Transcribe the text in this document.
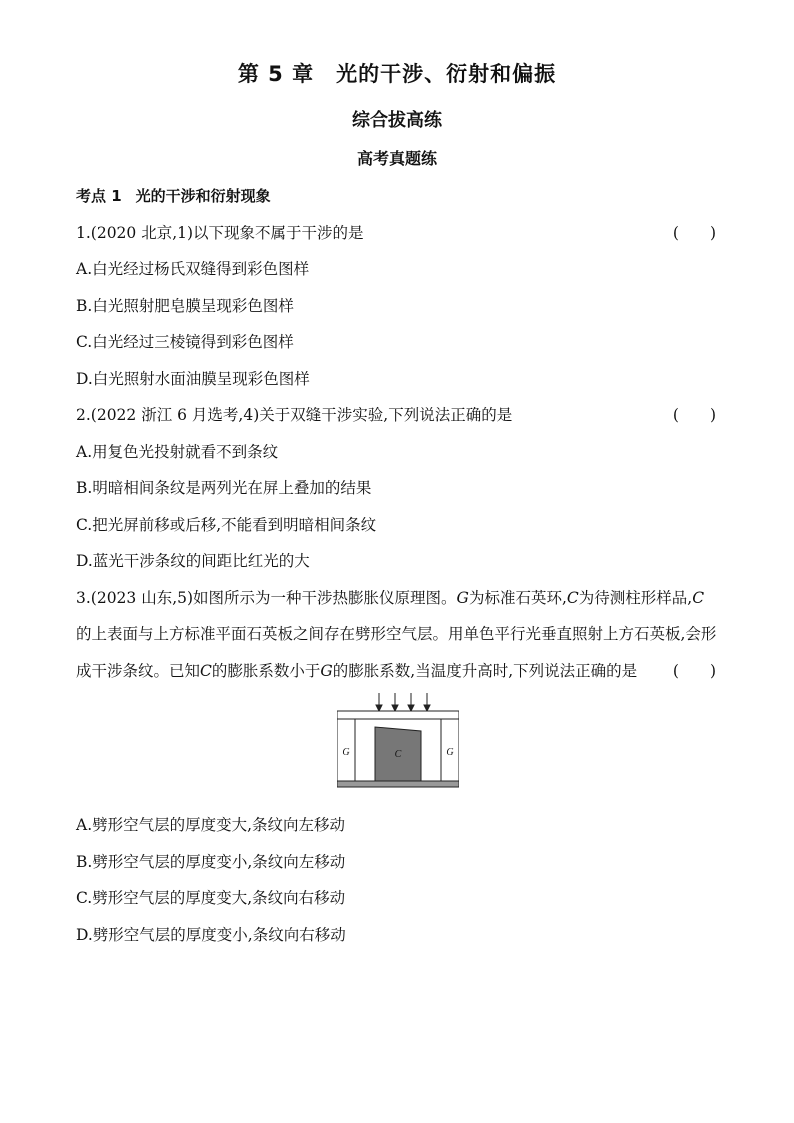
第 5 章　光的干涉、衍射和偏振
综合拔高练
高考真题练
考点 1 光的干涉和衍射现象
1.(2020 北京,1)以下现象不属于干涉的是	(　　)
A.白光经过杨氏双缝得到彩色图样
B.白光照射肥皂膜呈现彩色图样
C.白光经过三棱镜得到彩色图样
D.白光照射水面油膜呈现彩色图样
2.(2022 浙江 6 月选考,4)关于双缝干涉实验,下列说法正确的是	(　　)
A.用复色光投射就看不到条纹
B.明暗相间条纹是两列光在屏上叠加的结果
C.把光屏前移或后移,不能看到明暗相间条纹
D.蓝光干涉条纹的间距比红光的大
3.(2023 山东,5)如图所示为一种干涉热膨胀仪原理图。G为标准石英环,C为待测柱形样品,C的上表面与上方标准平面石英板之间存在劈形空气层。用单色平行光垂直照射上方石英板,会形成干涉条纹。已知C的膨胀系数小于G的膨胀系数,当温度升高时,下列说法正确的是 (　　)
G	C	G
A.劈形空气层的厚度变大,条纹向左移动
B.劈形空气层的厚度变小,条纹向左移动
C.劈形空气层的厚度变大,条纹向右移动
D.劈形空气层的厚度变小,条纹向右移动
